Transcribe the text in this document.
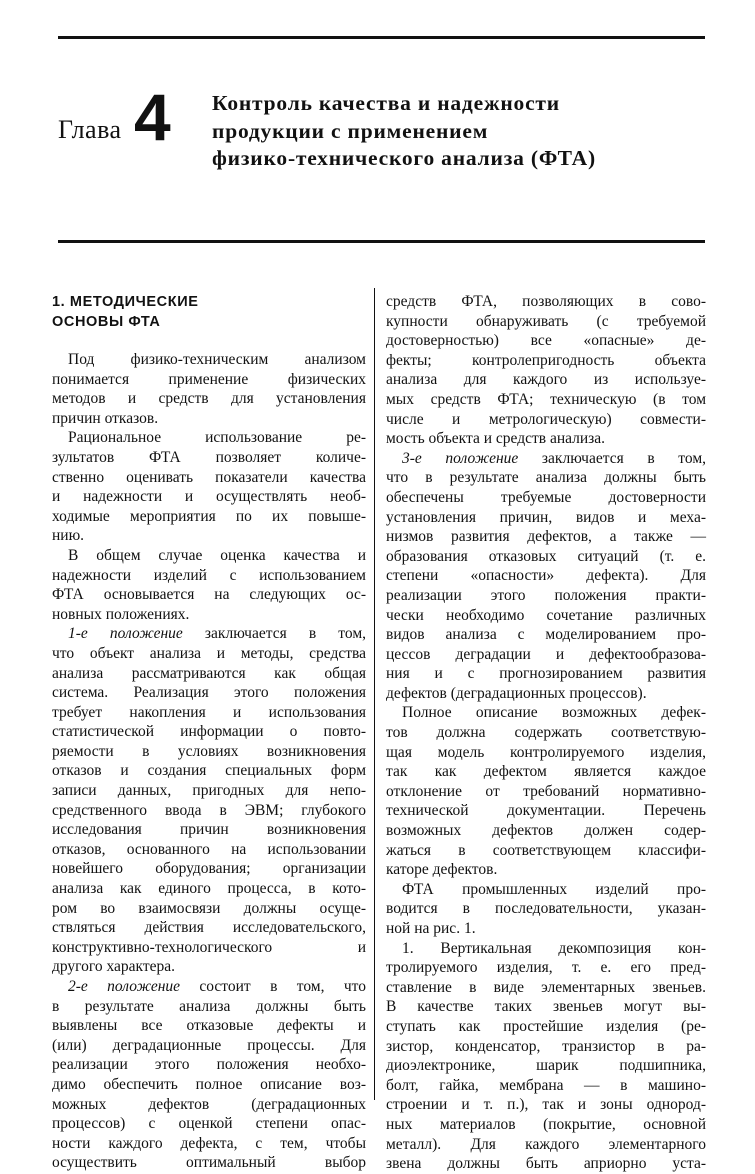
Глава 4 Контроль качества и надежности
продукции с применением
физико-технического анализа (ФТА)
1. МЕТОДИЧЕСКИЕ
ОСНОВЫ ФТА
Под физико-техническим анализом
понимается применение физических
методов и средств для установления
причин отказов.
Рациональное использование ре-
зультатов ФТА позволяет количе-
ственно оценивать показатели качества
и надежности и осуществлять необ-
ходимые мероприятия по их повыше-
нию.
В общем случае оценка качества и
надежности изделий с использованием
ФТА основывается на следующих ос-
новных положениях.
1-е положение заключается в том,
что объект анализа и методы, средства
анализа рассматриваются как общая
система. Реализация этого положения
требует накопления и использования
статистической информации о повто-
ряемости в условиях возникновения
отказов и создания специальных форм
записи данных, пригодных для непо-
средственного ввода в ЭВМ; глубокого
исследования причин возникновения
отказов, основанного на использовании
новейшего оборудования; организации
анализа как единого процесса, в кото-
ром во взаимосвязи должны осуще-
ствляться действия исследовательского,
конструктивно-технологического и
другого характера.
2-е положение состоит в том, что
в результате анализа должны быть
выявлены все отказовые дефекты и
(или) деградационные процессы. Для
реализации этого положения необхо-
димо обеспечить полное описание воз-
можных дефектов (деградационных
процессов) с оценкой степени опас-
ности каждого дефекта, с тем, чтобы
осуществить оптимальный выбор
средств ФТА, позволяющих в сово-
купности обнаруживать (с требуемой
достоверностью) все «опасные» де-
фекты; контролепригодность объекта
анализа для каждого из используе-
мых средств ФТА; техническую (в том
числе и метрологическую) совмести-
мость объекта и средств анализа.
3-е положение заключается в том,
что в результате анализа должны быть
обеспечены требуемые достоверности
установления причин, видов и меха-
низмов развития дефектов, а также —
образования отказовых ситуаций (т. е.
степени «опасности» дефекта). Для
реализации этого положения практи-
чески необходимо сочетание различных
видов анализа с моделированием про-
цессов деградации и дефектообразова-
ния и с прогнозированием развития
дефектов (деградационных процессов).
Полное описание возможных дефек-
тов должна содержать соответствую-
щая модель контролируемого изделия,
так как дефектом является каждое
отклонение от требований нормативно-
технической документации. Перечень
возможных дефектов должен содер-
жаться в соответствующем классифи-
каторе дефектов.
ФТА промышленных изделий про-
водится в последовательности, указан-
ной на рис. 1.
1. Вертикальная декомпозиция кон-
тролируемого изделия, т. е. его пред-
ставление в виде элементарных звеньев.
В качестве таких звеньев могут вы-
ступать как простейшие изделия (ре-
зистор, конденсатор, транзистор в ра-
диоэлектронике, шарик подшипника,
болт, гайка, мембрана — в машино-
строении и т. п.), так и зоны однород-
ных материалов (покрытие, основной
металл). Для каждого элементарного
звена должны быть априорно уста-
